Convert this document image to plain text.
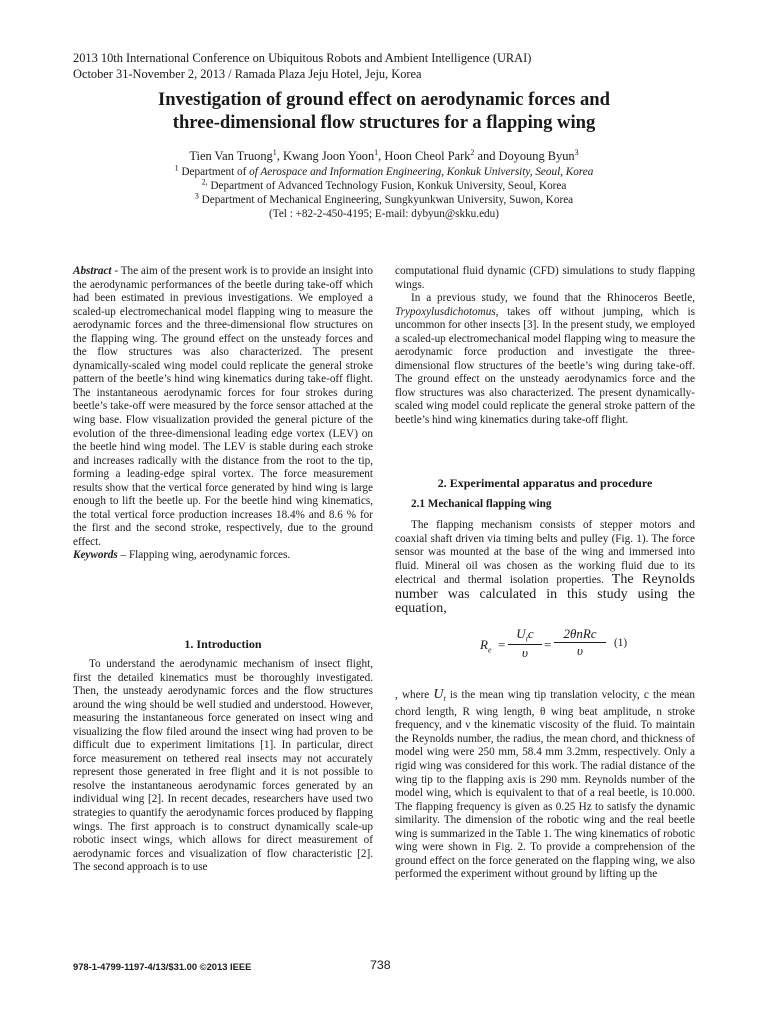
2013 10th International Conference on Ubiquitous Robots and Ambient Intelligence (URAI)
October 31-November 2, 2013 / Ramada Plaza Jeju Hotel, Jeju, Korea
Investigation of ground effect on aerodynamic forces and
three-dimensional flow structures for a flapping wing
Tien Van Truong$^1$, Kwang Joon Yoon$^1$, Hoon Cheol Park$^2$ and Doyoung Byun$^3$
$^1$ Department of of Aerospace and Information Engineering, Konkuk University, Seoul, Korea
$^{2,}$ Department of Advanced Technology Fusion, Konkuk University, Seoul, Korea
$^3$ Department of Mechanical Engineering, Sungkyunkwan University, Suwon, Korea
(Tel : +82-2-450-4195; E-mail: dybyun@skku.edu)

Abstract - The aim of the present work is to provide an insight into the aerodynamic performances of the beetle during take-off which had been estimated in previous investigations. We employed a scaled-up electromechanical model flapping wing to measure the aerodynamic forces and the three-dimensional flow structures on the flapping wing. The ground effect on the unsteady forces and the flow structures was also characterized. The present dynamically-scaled wing model could replicate the general stroke pattern of the beetle’s hind wing kinematics during take-off flight. The instantaneous aerodynamic forces for four strokes during beetle’s take-off were measured by the force sensor attached at the wing base. Flow visualization provided the general picture of the evolution of the three-dimensional leading edge vortex (LEV) on the beetle hind wing model. The LEV is stable during each stroke and increases radically with the distance from the root to the tip, forming a leading-edge spiral vortex. The force measurement results show that the vertical force generated by hind wing is large enough to lift the beetle up. For the beetle hind wing kinematics, the total vertical force production increases 18.4% and 8.6 % for the first and the second stroke, respectively, due to the ground effect.

Keywords – Flapping wing, aerodynamic forces.

1. Introduction

To understand the aerodynamic mechanism of insect flight, first the detailed kinematics must be thoroughly investigated. Then, the unsteady aerodynamic forces and the flow structures around the wing should be well studied and understood. However, measuring the instantaneous force generated on insect wing and visualizing the flow filed around the insect wing had proven to be difficult due to experiment limitations [1]. In particular, direct force measurement on tethered real insects may not accurately represent those generated in free flight and it is not possible to resolve the instantaneous aerodynamic forces generated by an individual wing [2]. In recent decades, researchers have used two strategies to quantify the aerodynamic forces produced by flapping wings. The first approach is to construct dynamically scale-up robotic insect wings, which allows for direct measurement of aerodynamic forces and visualization of flow characteristic [2]. The second approach is to use

computational fluid dynamic (CFD) simulations to study flapping wings.

In a previous study, we found that the Rhinoceros Beetle, Trypoxylusdichotomus, takes off without jumping, which is uncommon for other insects [3]. In the present study, we employed a scaled-up electromechanical model flapping wing to measure the aerodynamic force production and investigate the three-dimensional flow structures of the beetle’s wing during take-off. The ground effect on the unsteady aerodynamics force and the flow structures was also characterized. The present dynamically-scaled wing model could replicate the general stroke pattern of the beetle’s hind wing kinematics during take-off flight.

2. Experimental apparatus and procedure
2.1 Mechanical flapping wing

The flapping mechanism consists of stepper motors and coaxial shaft driven via timing belts and pulley (Fig. 1). The force sensor was mounted at the base of the wing and immersed into fluid. Mineral oil was chosen as the working fluid due to its electrical and thermal isolation properties. The Reynolds number was calculated in this study using the equation,

$R_e$ =
$U_tc$
υ
=
2θnRc
υ	(1)

, where $U_t$ is the mean wing tip translation velocity, c the mean chord length, R wing length, θ wing beat amplitude, n stroke frequency, and ν the kinematic viscosity of the fluid. To maintain the Reynolds number, the radius, the mean chord, and thickness of model wing were 250 mm, 58.4 mm 3.2mm, respectively. Only a rigid wing was considered for this work. The radial distance of the wing tip to the flapping axis is 290 mm. Reynolds number of the model wing, which is equivalent to that of a real beetle, is 10.000. The flapping frequency is given as 0.25 Hz to satisfy the dynamic similarity. The dimension of the robotic wing and the real beetle wing is summarized in the Table 1. The wing kinematics of robotic wing were shown in Fig. 2. To provide a comprehension of the ground effect on the force generated on the flapping wing, we also performed the experiment without ground by lifting up the

978-1-4799-1197-4/13/$31.00 ©2013 IEEE	738
